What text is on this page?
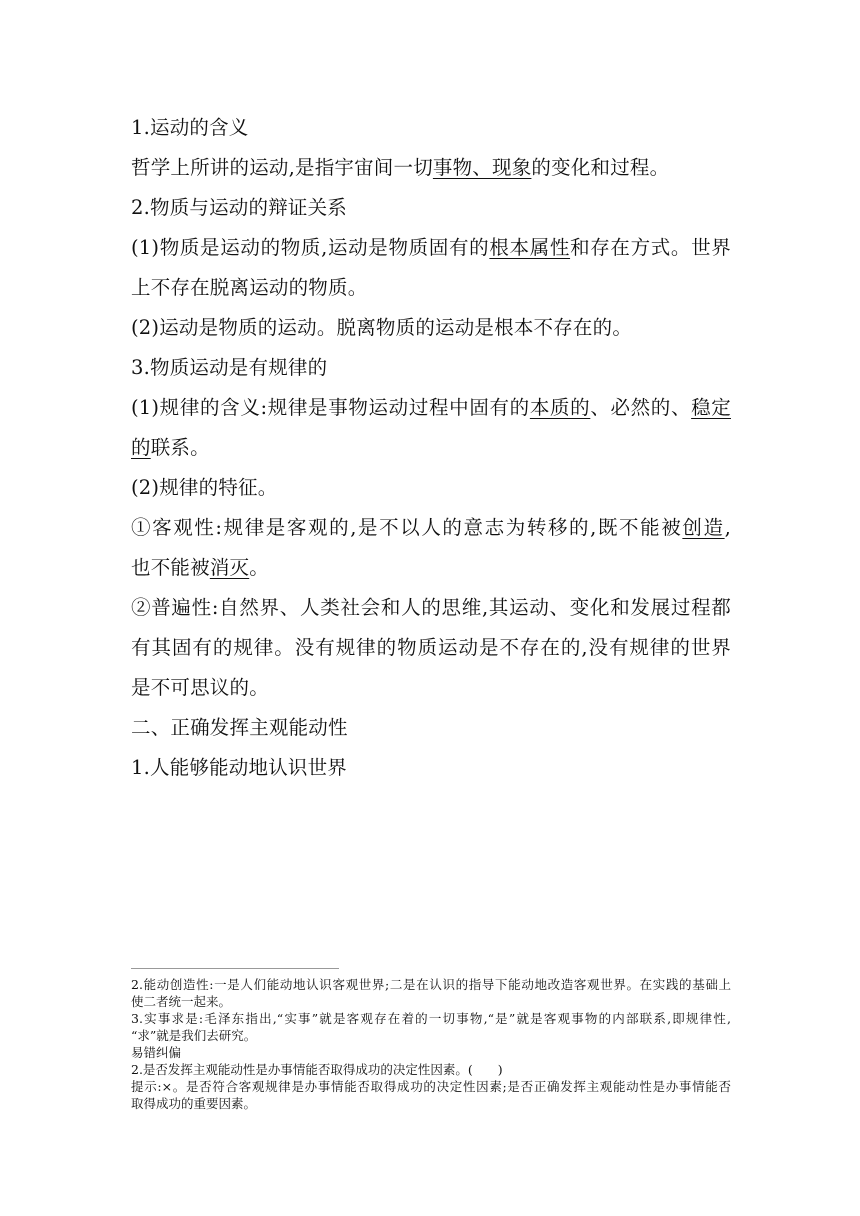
1.运动的含义
哲学上所讲的运动,是指宇宙间一切事物、现象的变化和过程。
2.物质与运动的辩证关系
(1)物质是运动的物质,运动是物质固有的根本属性和存在方式。世界
上不存在脱离运动的物质。
(2)运动是物质的运动。脱离物质的运动是根本不存在的。
3.物质运动是有规律的
(1)规律的含义:规律是事物运动过程中固有的本质的、必然的、稳定
的联系。
(2)规律的特征。
①客观性:规律是客观的,是不以人的意志为转移的,既不能被创造,
也不能被消灭。
②普遍性:自然界、人类社会和人的思维,其运动、变化和发展过程都
有其固有的规律。没有规律的物质运动是不存在的,没有规律的世界
是不可思议的。
二、正确发挥主观能动性
1.人能够能动地认识世界
2.能动创造性:一是人们能动地认识客观世界;二是在认识的指导下能动地改造客观世界。在实践的基础上
使二者统一起来。
3.实事求是:毛泽东指出,“实事”就是客观存在着的一切事物,“是”就是客观事物的内部联系,即规律性,
“求”就是我们去研究。
易错纠偏
2.是否发挥主观能动性是办事情能否取得成功的决定性因素。(　　)
提示:×。是否符合客观规律是办事情能否取得成功的决定性因素;是否正确发挥主观能动性是办事情能否
取得成功的重要因素。
